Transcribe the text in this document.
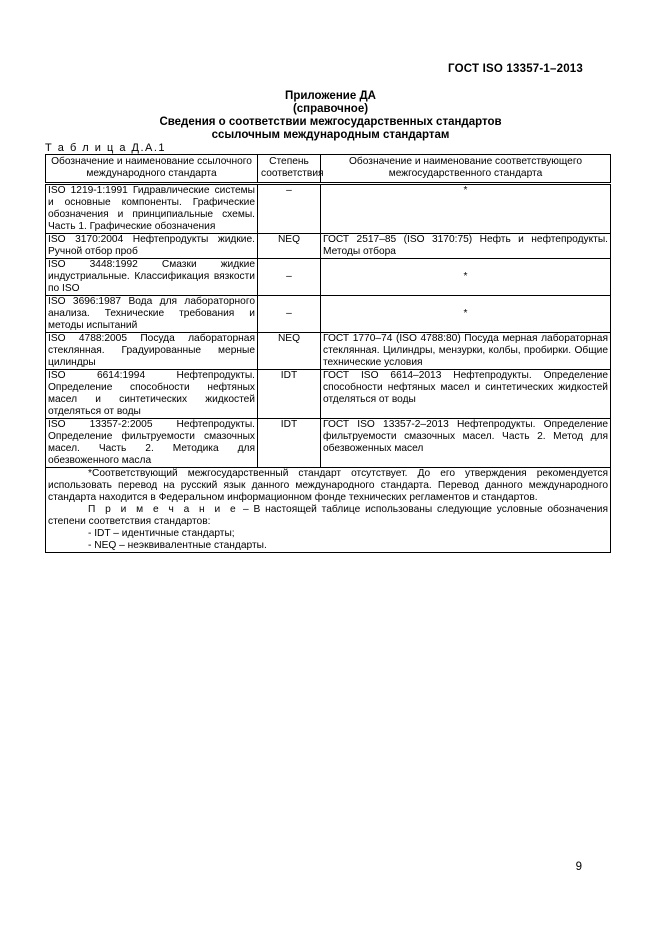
ГОСТ ISO 13357-1–2013
Приложение ДА
(справочное)
Сведения о соответствии межгосударственных стандартов
ссылочным международным стандартам
Т а б л и ц а Д.А.1
Обозначение и наименование ссылочного международного стандарта	Степень соответствия	Обозначение и наименование соответствующего межгосударственного стандарта
ISO 1219-1:1991 Гидравлические системы и основные компоненты. Графические обозначения и принципиальные схемы. Часть 1. Графические обозначения	–	*
ISO 3170:2004 Нефтепродукты жидкие. Ручной отбор проб	NEQ	ГОСТ 2517–85 (ISO 3170:75) Нефть и нефтепродукты. Методы отбора
ISO 3448:1992 Смазки жидкие индустриальные. Классификация вязкости по ISO	–	*
ISO 3696:1987 Вода для лабораторного анализа. Технические требования и методы испытаний	–	*
ISO 4788:2005 Посуда лабораторная стеклянная. Градуированные мерные цилиндры	NEQ	ГОСТ 1770–74 (ISO 4788:80) Посуда мерная лабораторная стеклянная. Цилиндры, мензурки, колбы, пробирки. Общие технические условия
ISO 6614:1994 Нефтепродукты. Определение способности нефтяных масел и синтетических жидкостей отделяться от воды	IDT	ГОСТ ISO 6614–2013 Нефтепродукты. Определение способности нефтяных масел и синтетических жидкостей отделяться от воды
ISO 13357-2:2005 Нефтепродукты. Определение фильтруемости смазочных масел. Часть 2. Методика для обезвоженного масла	IDT	ГОСТ ISO 13357-2–2013 Нефтепродукты. Определение фильтруемости смазочных масел. Часть 2. Метод для обезвоженных масел

*Соответствующий межгосударственный стандарт отсутствует. До его утверждения рекомендуется использовать перевод на русский язык данного международного стандарта. Перевод данного международного стандарта находится в Федеральном информационном фонде технических регламентов и стандартов.
П р и м е ч а н и е – В настоящей таблице использованы следующие условные обозначения степени соответствия стандартов:
- IDT – идентичные стандарты;
- NEQ – неэквивалентные стандарты.		
9
